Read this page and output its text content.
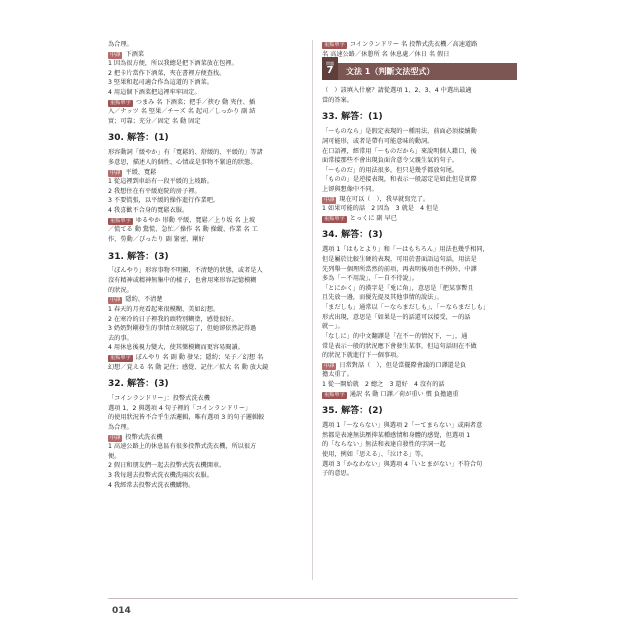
為合理。
中譯 下酒菜
1 因為很方便，所以我總是把下酒菜放在包裡。
2 把卡片當作下酒菜，夾在書裡方便查找。
3 堅果和起司適合作為這道的下酒菜。
4 用這個下酒菜把這裡牢牢固定。
重點單字 つまみ 名 下酒菜；把手／挟む 動 夾住、插
入／ナッツ 名 堅果／チーズ 名 起司／しっかり 副 結
實；可靠；充分／固定 名 動 固定
30. 解答：(1)
形容動詞「緩やか」有「寬鬆的、舒緩的、平緩的」等諸
多意思，描述人的個性、心情或是事物不緊迫的狀態。
中譯 平緩、寬鬆
1 從這裡到車站有一段平緩的上坡路。
2 我想住在有平緩庭院的房子裡。
3 不要慌張，以平緩的操作進行作業吧。
4 我喜歡不合身的寬鬆衣服。
重點單字 ゆるやか 形動 平緩、寬鬆／上り坂 名 上坡
／慌てる 動 驚慌、急忙／操作 名 動 操縱、作業 名 工
作、勞動／ぴったり 副 緊密、剛好
31. 解答：(3)
「ぼんやり」形容事物不明顯、不清楚的狀態，或者是人
沒有精神或精神無集中的樣子，也會用來形容記憶模糊
的狀況。
中譯 隱約、不清楚
1 春天的月亮看起來很模糊、美如幻想。
2 在寒冷的日子裡我的頭特別糊塗，感覺很好。
3 奶奶對剛發生的事情立刻就忘了，但她卻依然記得過
去的事。
4 用休息後視力變大，使其樂模糊而更容易閱讀。
重點單字 ぼんやり 名 副 動 發呆；隱約；呆子／幻想 名
幻想／覚える 名 動 記住；感覺、記住／拡大 名 動 放大鏡
32. 解答：(3)
「コインランドリー」：投幣式洗衣機
選項 1、2 與選項 4 句子裡的「コインランドリー」
的使用狀況皆不合乎生活邏輯，唯有選項 3 的句子邏輯較
為合理。
中譯 投幣式洗衣機
1 高速公路上的休息區有很多投幣式洗衣機，所以很方
便。
2 假日和朋友們一起去投幣式洗衣機開車。
3 我每週去投幣式洗衣機洗兩次衣服。
4 我經常去投幣式洗衣機購物。
重點單字 コインランドリー 名 投幣式洗衣機／高速道路
名 高速公路／休憩所 名 休息處／休日 名 假日
問題
7 文法 1（判斷文法型式）
（　）該填入什麼？請從選項 1、2、3、4 中選出最適
當的答案。
33. 解答：(1)
「〜ものなら」是假定表現的一種用法，前面必須接續動
詞可能形，或者是帶有可能意味的動詞。
在口語裡，經常用「〜ものだから」來說明個人藉口，後
面常接那些不會出現負面含意令父親生氣的句子。
「〜ものだ」的用法很多，但只是幾乎都放句尾。
「ものの」是逆接表現，和表示一般認定是如此但是實際
上卻與想像中不同。
中譯 現在可以（　），我早就寫完了。
1 如果可能的話　2 因為　3 就是　4 但是
重點單字 とっくに 副 早已
34. 解答：(3)
選項 1「はもとより」和「〜はもちろん」用法也幾乎相同，
但是屬於比較生硬的表現，可用於書面語這句話，用法是
先列舉一個理所當然的前項，再表明後項也不例外，中譯
多為「〜不用說」、「〜自不待說」。
「とにかく」的漢字是「兎に角」，意思是「把某事暫且
且先放一邊，而優先提及其他事情的說法」。
「まだしも」通常以「〜ならまだしも」、「〜ならまだしも」
形式出現，意思是「如果是〜的話還可以接受，〜的話
就〜」。
「なしに」的中文翻譯是「在不〜的情況下，〜」，通
常是表示一般的狀況應下會發生某事，但這句話則在不做
的狀況下就進行下一個事項。
中譯 日常對話（　），但是當擺際會議的口譯還是負
擔太重了。
1 從一開始就　2 總之　3 還好　4 沒有的話
重點單字 通訳 名 動 口譯／荷が重い 慣 負擔過重
35. 解答：(2)
選項 1「〜ならない」與選項 2「〜てまらない」或兩者意
然都是表達無法壓抑某種感情和身體的感覺，但選項 1
的「ならない」無法和表達自發性的字詞一起
使用，例如「思える」、「泣ける」等。
選項 3「かなわない」與選項 4「いとまがない」不符合句
子的意思。
014
